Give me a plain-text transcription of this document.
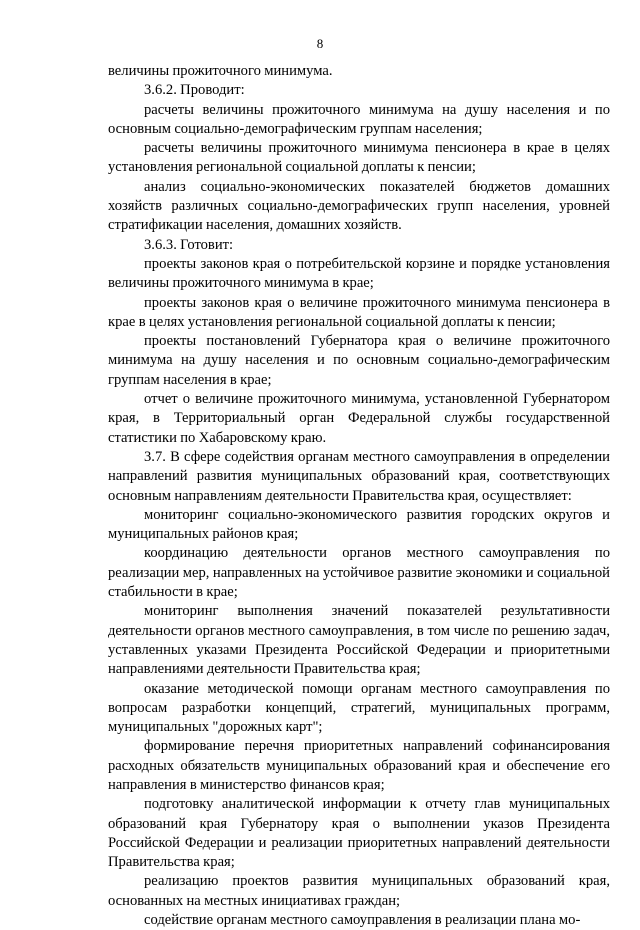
8

величины прожиточного минимума.

3.6.2. Проводит:

расчеты величины прожиточного минимума на душу населения и по основным социально-демографическим группам населения;

расчеты величины прожиточного минимума пенсионера в крае в целях установления региональной социальной доплаты к пенсии;

анализ социально-экономических показателей бюджетов домашних хозяйств различных социально-демографических групп населения, уровней стратификации населения, домашних хозяйств.

3.6.3. Готовит:

проекты законов края о потребительской корзине и порядке установления величины прожиточного минимума в крае;

проекты законов края о величине прожиточного минимума пенсионера в крае в целях установления региональной социальной доплаты к пенсии;

проекты постановлений Губернатора края о величине прожиточного минимума на душу населения и по основным социально-демографическим группам населения в крае;

отчет о величине прожиточного минимума, установленной Губернатором края, в Территориальный орган Федеральной службы государственной статистики по Хабаровскому краю.

3.7. В сфере содействия органам местного самоуправления в определении направлений развития муниципальных образований края, соответствующих основным направлениям деятельности Правительства края, осуществляет:

мониторинг социально-экономического развития городских округов и муниципальных районов края;

координацию деятельности органов местного самоуправления по реализации мер, направленных на устойчивое развитие экономики и социальной стабильности в крае;

мониторинг выполнения значений показателей результативности деятельности органов местного самоуправления, в том числе по решению задач, уставленных указами Президента Российской Федерации и приоритетными направлениями деятельности Правительства края;

оказание методической помощи органам местного самоуправления по вопросам разработки концепций, стратегий, муниципальных программ, муниципальных "дорожных карт";

формирование перечня приоритетных направлений софинансирования расходных обязательств муниципальных образований края и обеспечение его направления в министерство финансов края;

подготовку аналитической информации к отчету глав муниципальных образований края Губернатору края о выполнении указов Президента Российской Федерации и реализации приоритетных направлений деятельности Правительства края;

реализацию проектов развития муниципальных образований края, основанных на местных инициативах граждан;

содействие органам местного самоуправления в реализации плана мо-
